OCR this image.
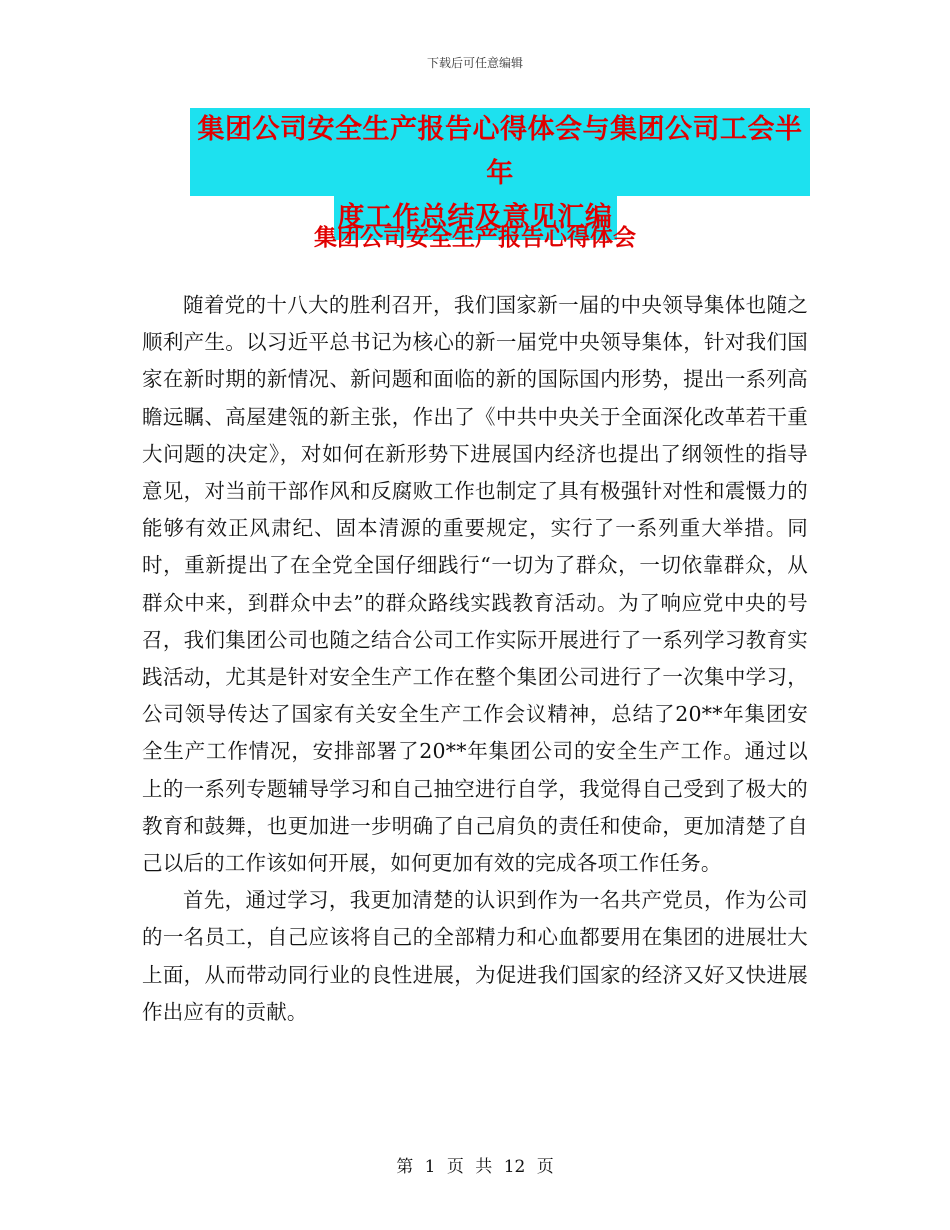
下载后可任意编辑
集团公司安全生产报告心得体会与集团公司工会半年
度工作总结及意见汇编
集团公司安全生产报告心得体会

随着党的十八大的胜利召开，我们国家新一届的中央领导集体也随之顺利产生。以习近平总书记为核心的新一届党中央领导集体，针对我们国家在新时期的新情况、新问题和面临的新的国际国内形势，提出一系列高瞻远瞩、高屋建瓴的新主张，作出了《中共中央关于全面深化改革若干重大问题的决定》，对如何在新形势下进展国内经济也提出了纲领性的指导意见，对当前干部作风和反腐败工作也制定了具有极强针对性和震慑力的能够有效正风肃纪、固本清源的重要规定，实行了一系列重大举措。同时，重新提出了在全党全国仔细践行“一切为了群众，一切依靠群众，从群众中来，到群众中去”的群众路线实践教育活动。为了响应党中央的号召，我们集团公司也随之结合公司工作实际开展进行了一系列学习教育实践活动，尤其是针对安全生产工作在整个集团公司进行了一次集中学习，公司领导传达了国家有关安全生产工作会议精神，总结了20**年集团安全生产工作情况，安排部署了20**年集团公司的安全生产工作。通过以上的一系列专题辅导学习和自己抽空进行自学，我觉得自己受到了极大的教育和鼓舞，也更加进一步明确了自己肩负的责任和使命，更加清楚了自己以后的工作该如何开展，如何更加有效的完成各项工作任务。

首先，通过学习，我更加清楚的认识到作为一名共产党员，作为公司的一名员工，自己应该将自己的全部精力和心血都要用在集团的进展壮大上面，从而带动同行业的良性进展，为促进我们国家的经济又好又快进展作出应有的贡献。

第 1 页 共 12 页
